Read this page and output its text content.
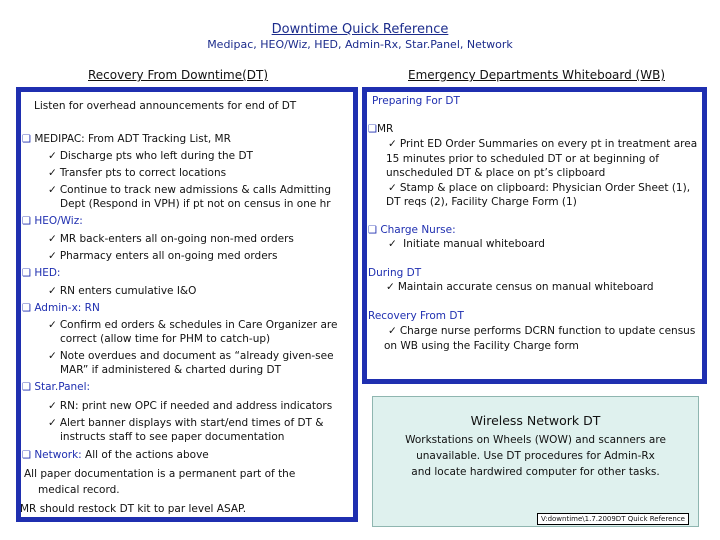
Downtime Quick Reference
Medipac, HEO/Wiz, HED, Admin-Rx, Star.Panel, Network
Recovery From Downtime(DT)	Emergency Departments Whiteboard (WB)
Listen for overhead announcements for end of DT
❑ MEDIPAC: From ADT Tracking List, MR
✓ Discharge pts who left during the DT
✓ Transfer pts to correct locations
✓ Continue to track new admissions & calls Admitting
Dept (Respond in VPH) if pt not on census in one hr
❑ HEO/Wiz:
✓ MR back-enters all on-going non-med orders
✓ Pharmacy enters all on-going med orders
❑ HED:
✓ RN enters cumulative I&O
❑ Admin-x: RN
✓ Confirm ed orders & schedules in Care Organizer are
correct (allow time for PHM to catch-up)
✓ Note overdues and document as “already given-see
MAR” if administered & charted during DT
❑ Star.Panel:
✓ RN: print new OPC if needed and address indicators
✓ Alert banner displays with start/end times of DT &
instructs staff to see paper documentation
❑ Network: All of the actions above
All paper documentation is a permanent part of the
medical record.
MR should restock DT kit to par level ASAP.
Preparing For DT
❑MR
✓ Print ED Order Summaries on every pt in treatment area
15 minutes prior to scheduled DT or at beginning of
unscheduled DT & place on pt’s clipboard
✓ Stamp & place on clipboard: Physician Order Sheet (1),
DT reqs (2), Facility Charge Form (1)
❑ Charge Nurse:
✓ Initiate manual whiteboard
During DT
✓ Maintain accurate census on manual whiteboard
Recovery From DT
✓ Charge nurse performs DCRN function to update census
on WB using the Facility Charge form
Wireless Network DT
Workstations on Wheels (WOW) and scanners are
unavailable. Use DT procedures for Admin-Rx
and locate hardwired computer for other tasks.
V:downtime\1.7.2009DT Quick Reference
